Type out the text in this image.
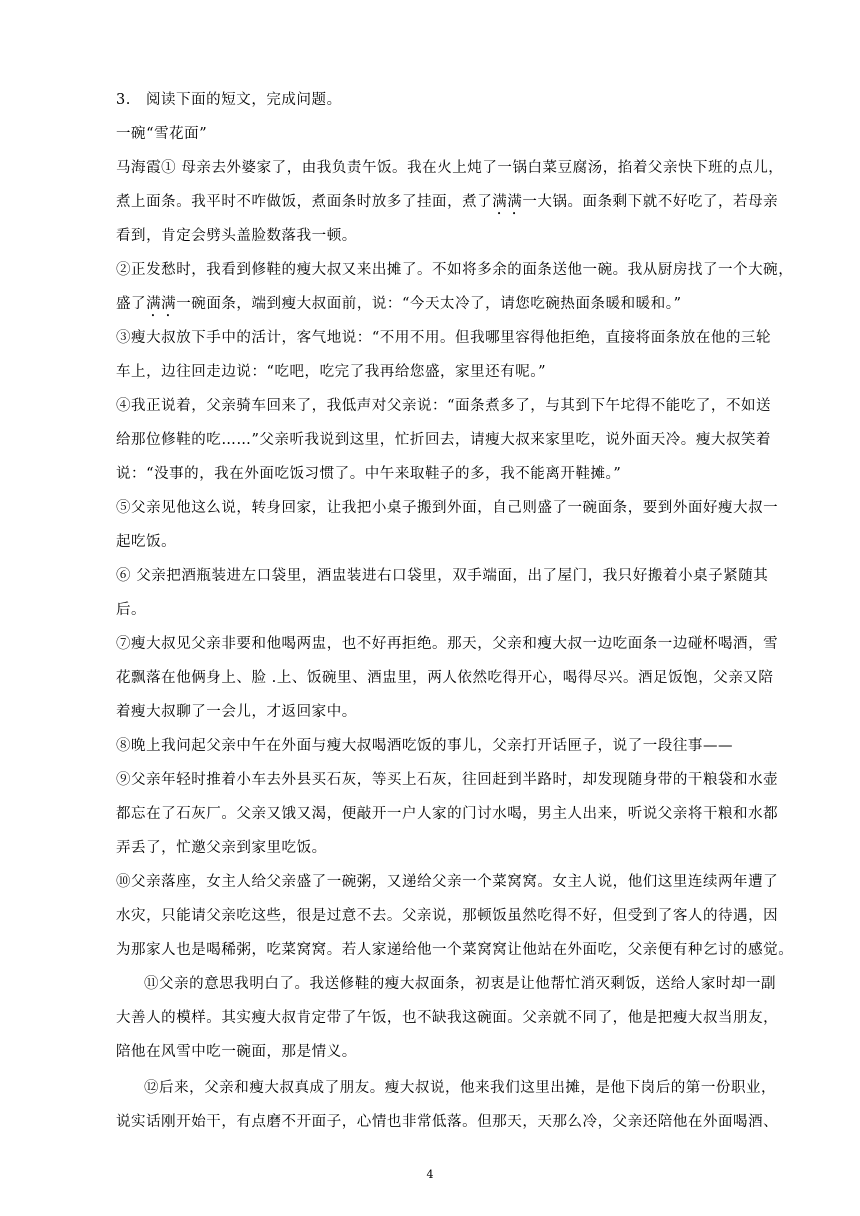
3.　阅读下面的短文，完成问题。
一碗“雪花面”
马海霞① 母亲去外婆家了，由我负责午饭。我在火上炖了一锅白菜豆腐汤，掐着父亲快下班的点儿，
煮上面条。我平时不咋做饭，煮面条时放多了挂面，煮了满满一大锅。面条剩下就不好吃了，若母亲
看到，肯定会劈头盖脸数落我一顿。
②正发愁时，我看到修鞋的瘦大叔又来出摊了。不如将多余的面条送他一碗。我从厨房找了一个大碗，
盛了满满一碗面条，端到瘦大叔面前，说：“今天太冷了，请您吃碗热面条暖和暖和。”
③瘦大叔放下手中的活计，客气地说：“不用不用。但我哪里容得他拒绝，直接将面条放在他的三轮
车上，边往回走边说：“吃吧，吃完了我再给您盛，家里还有呢。”
④我正说着，父亲骑车回来了，我低声对父亲说：“面条煮多了，与其到下午坨得不能吃了，不如送
给那位修鞋的吃……”父亲听我说到这里，忙折回去，请瘦大叔来家里吃，说外面天冷。瘦大叔笑着
说：“没事的，我在外面吃饭习惯了。中午来取鞋子的多，我不能离开鞋摊。”
⑤父亲见他这么说，转身回家，让我把小桌子搬到外面，自己则盛了一碗面条，要到外面好瘦大叔一
起吃饭。
⑥ 父亲把酒瓶装进左口袋里，酒盅装进右口袋里，双手端面，出了屋门，我只好搬着小桌子紧随其
后。
⑦瘦大叔见父亲非要和他喝两盅，也不好再拒绝。那天，父亲和瘦大叔一边吃面条一边碰杯喝酒，雪
花飘落在他俩身上、脸 .上、饭碗里、酒盅里，两人依然吃得开心，喝得尽兴。酒足饭饱，父亲又陪
着瘦大叔聊了一会儿，才返回家中。
⑧晚上我问起父亲中午在外面与瘦大叔喝酒吃饭的事儿，父亲打开话匣子，说了一段往事——
⑨父亲年轻时推着小车去外县买石灰，等买上石灰，往回赶到半路时，却发现随身带的干粮袋和水壶
都忘在了石灰厂。父亲又饿又渴，便敲开一户人家的门讨水喝，男主人出来，听说父亲将干粮和水都
弄丢了，忙邀父亲到家里吃饭。
⑩父亲落座，女主人给父亲盛了一碗粥，又递给父亲一个菜窝窝。女主人说，他们这里连续两年遭了
水灾，只能请父亲吃这些，很是过意不去。父亲说，那顿饭虽然吃得不好，但受到了客人的待遇，因
为那家人也是喝稀粥，吃菜窝窝。若人家递给他一个菜窝窝让他站在外面吃，父亲便有种乞讨的感觉。
⑪父亲的意思我明白了。我送修鞋的瘦大叔面条，初衷是让他帮忙消灭剩饭，送给人家时却一副
大善人的模样。其实瘦大叔肯定带了午饭，也不缺我这碗面。父亲就不同了，他是把瘦大叔当朋友，
陪他在风雪中吃一碗面，那是情义。
⑫后来，父亲和瘦大叔真成了朋友。瘦大叔说，他来我们这里出摊，是他下岗后的第一份职业，
说实话刚开始干，有点磨不开面子，心情也非常低落。但那天，天那么冷，父亲还陪他在外面喝酒、
4
